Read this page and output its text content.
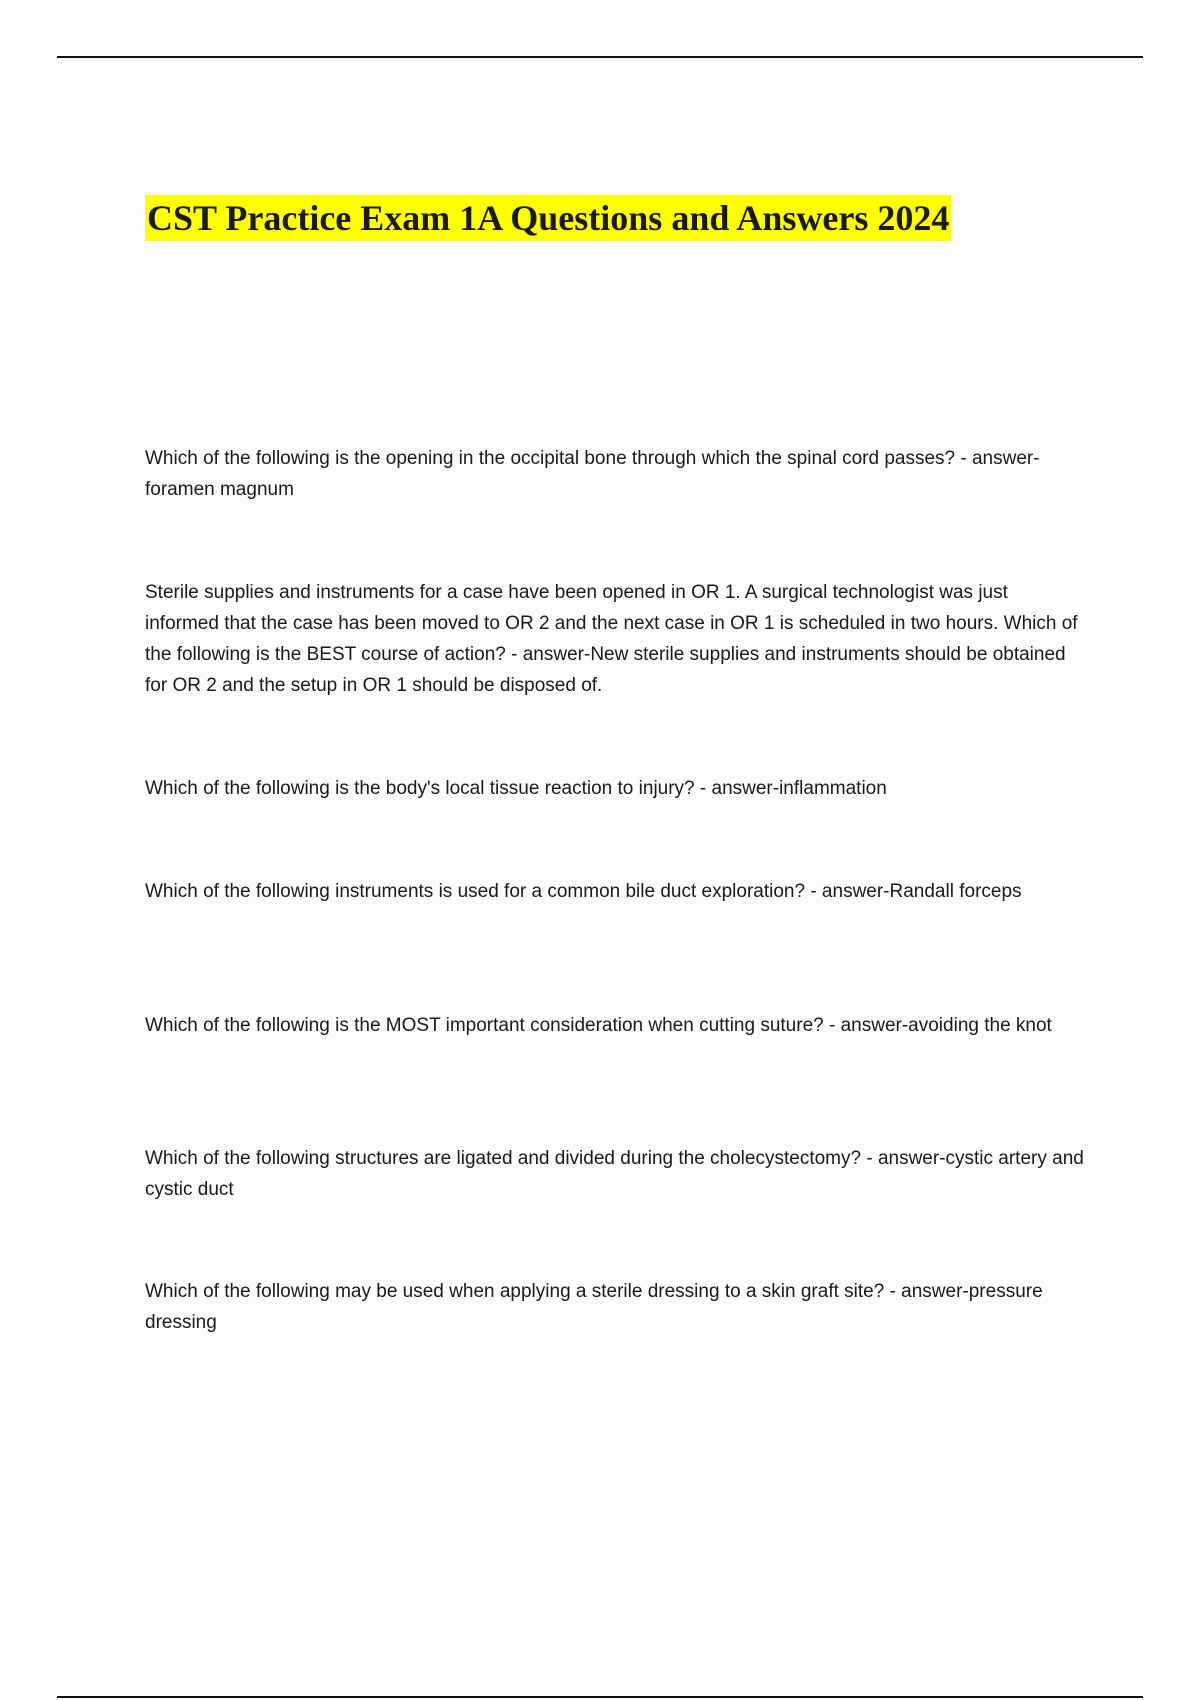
CST Practice Exam 1A Questions and Answers 2024

Which of the following is the opening in the occipital bone through which the spinal cord passes? - answer-foramen magnum

Sterile supplies and instruments for a case have been opened in OR 1. A surgical technologist was just informed that the case has been moved to OR 2 and the next case in OR 1 is scheduled in two hours. Which of the following is the BEST course of action? - answer-New sterile supplies and instruments should be obtained for OR 2 and the setup in OR 1 should be disposed of.

Which of the following is the body's local tissue reaction to injury? - answer-inflammation

Which of the following instruments is used for a common bile duct exploration? - answer-Randall forceps

Which of the following is the MOST important consideration when cutting suture? - answer-avoiding the knot

Which of the following structures are ligated and divided during the cholecystectomy? - answer-cystic artery and cystic duct

Which of the following may be used when applying a sterile dressing to a skin graft site? - answer-pressure dressing
